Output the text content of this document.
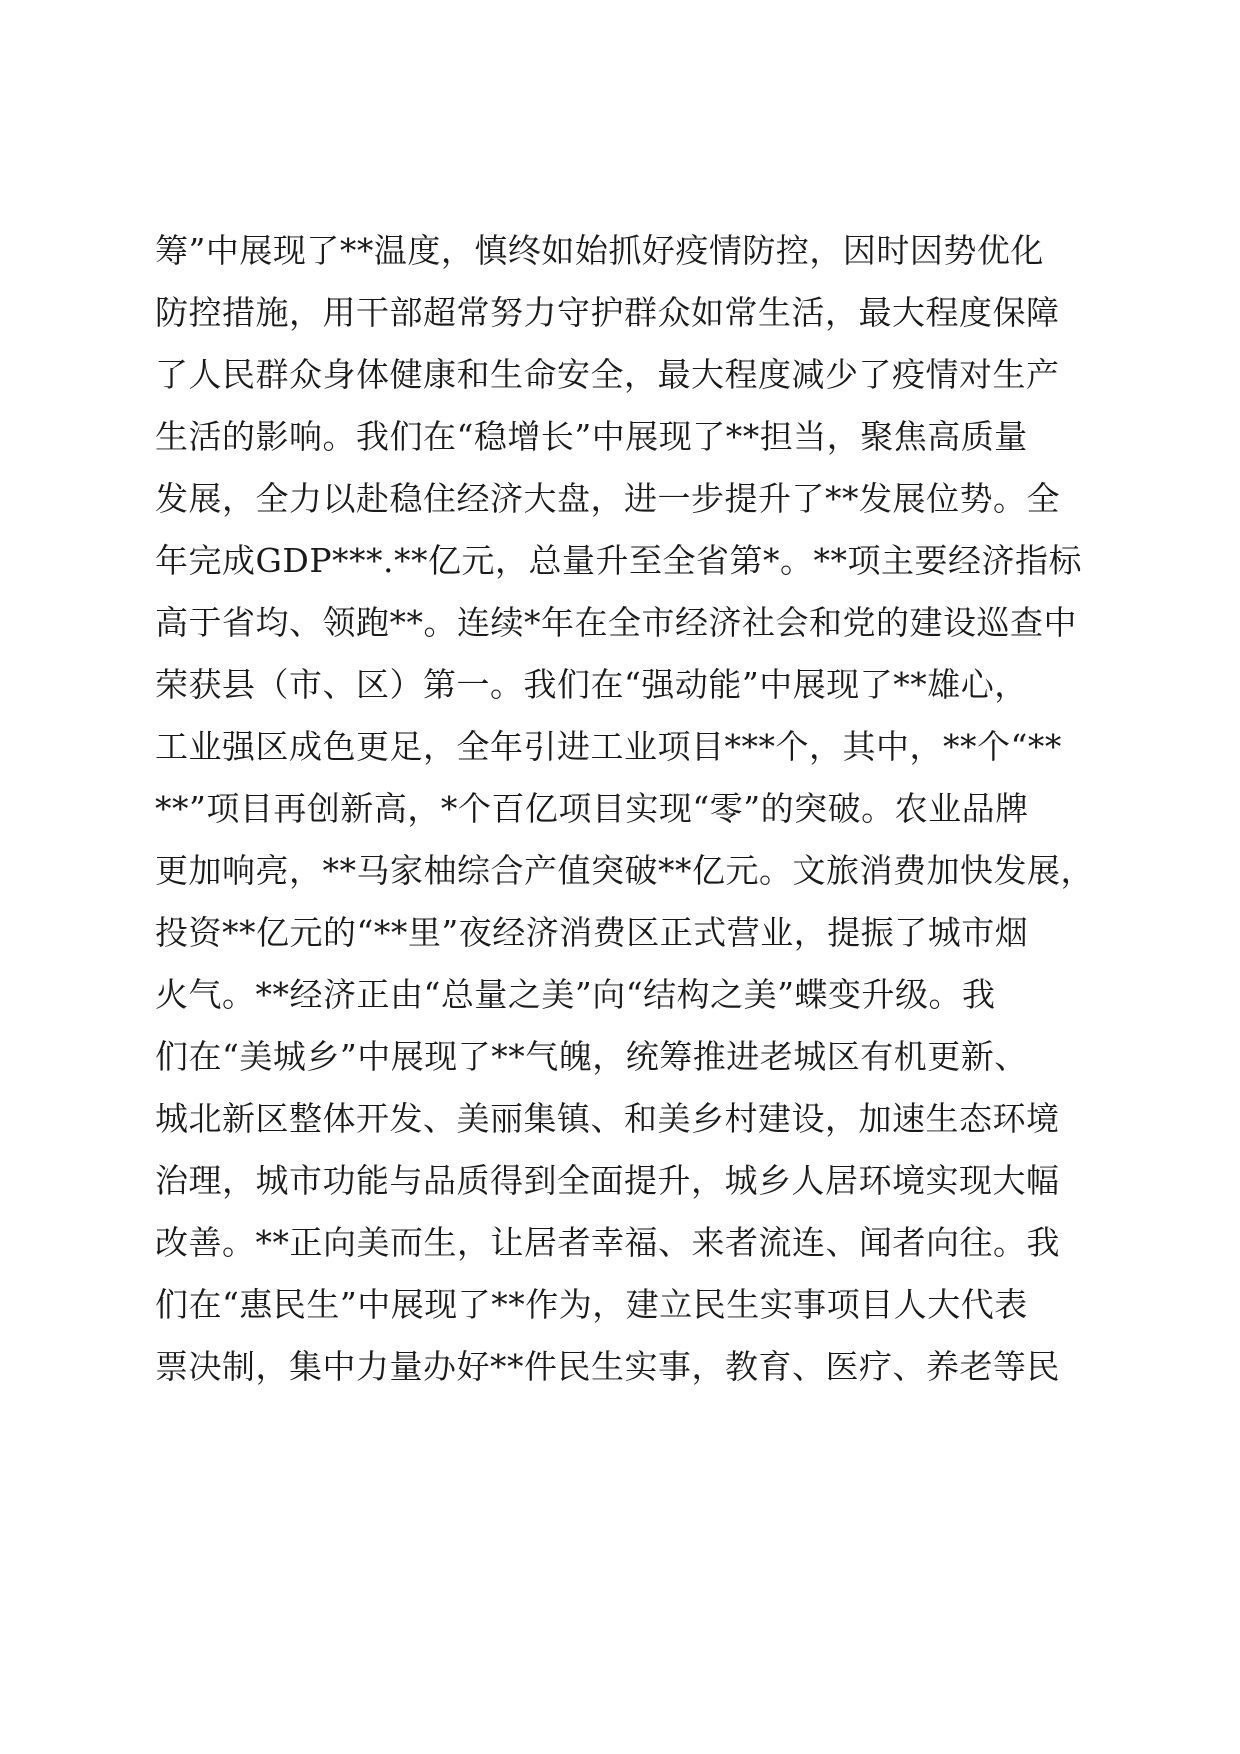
筹”中展现了**温度，慎终如始抓好疫情防控，因时因势优化
防控措施，用干部超常努力守护群众如常生活，最大程度保障
了人民群众身体健康和生命安全，最大程度减少了疫情对生产
生活的影响。我们在“稳增长”中展现了**担当，聚焦高质量
发展，全力以赴稳住经济大盘，进一步提升了**发展位势。全
年完成GDP***.**亿元，总量升至全省第*。**项主要经济指标
高于省均、领跑**。连续*年在全市经济社会和党的建设巡查中
荣获县（市、区）第一。我们在“强动能”中展现了**雄心，
工业强区成色更足，全年引进工业项目***个，其中，**个“**
**”项目再创新高，*个百亿项目实现“零”的突破。农业品牌
更加响亮，**马家柚综合产值突破**亿元。文旅消费加快发展，
投资**亿元的“**里”夜经济消费区正式营业，提振了城市烟
火气。**经济正由“总量之美”向“结构之美”蝶变升级。我
们在“美城乡”中展现了**气魄，统筹推进老城区有机更新、
城北新区整体开发、美丽集镇、和美乡村建设，加速生态环境
治理，城市功能与品质得到全面提升，城乡人居环境实现大幅
改善。**正向美而生，让居者幸福、来者流连、闻者向往。我
们在“惠民生”中展现了**作为，建立民生实事项目人大代表
票决制，集中力量办好**件民生实事，教育、医疗、养老等民
